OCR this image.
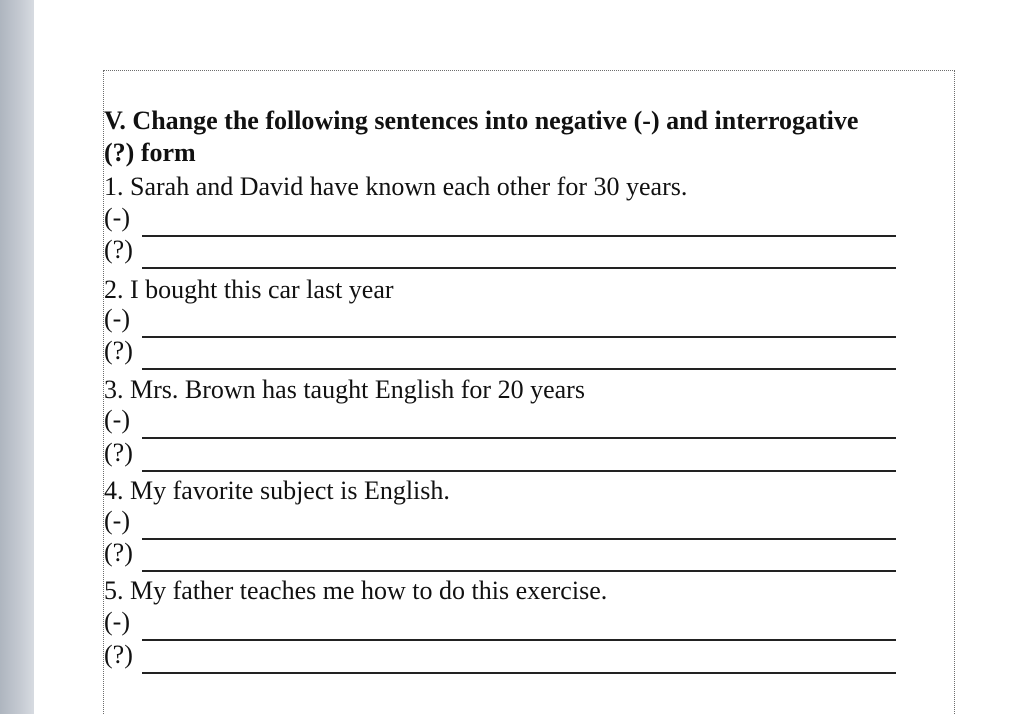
V. Change the following sentences into negative (-) and interrogative (?) form
1. Sarah and David have known each other for 30 years.
(-)
(?)
2. I bought this car last year
(-)
(?)
3. Mrs. Brown has taught English for 20 years
(-)
(?)
4. My favorite subject is English.
(-)
(?)
5. My father teaches me how to do this exercise.
(-)
(?)
